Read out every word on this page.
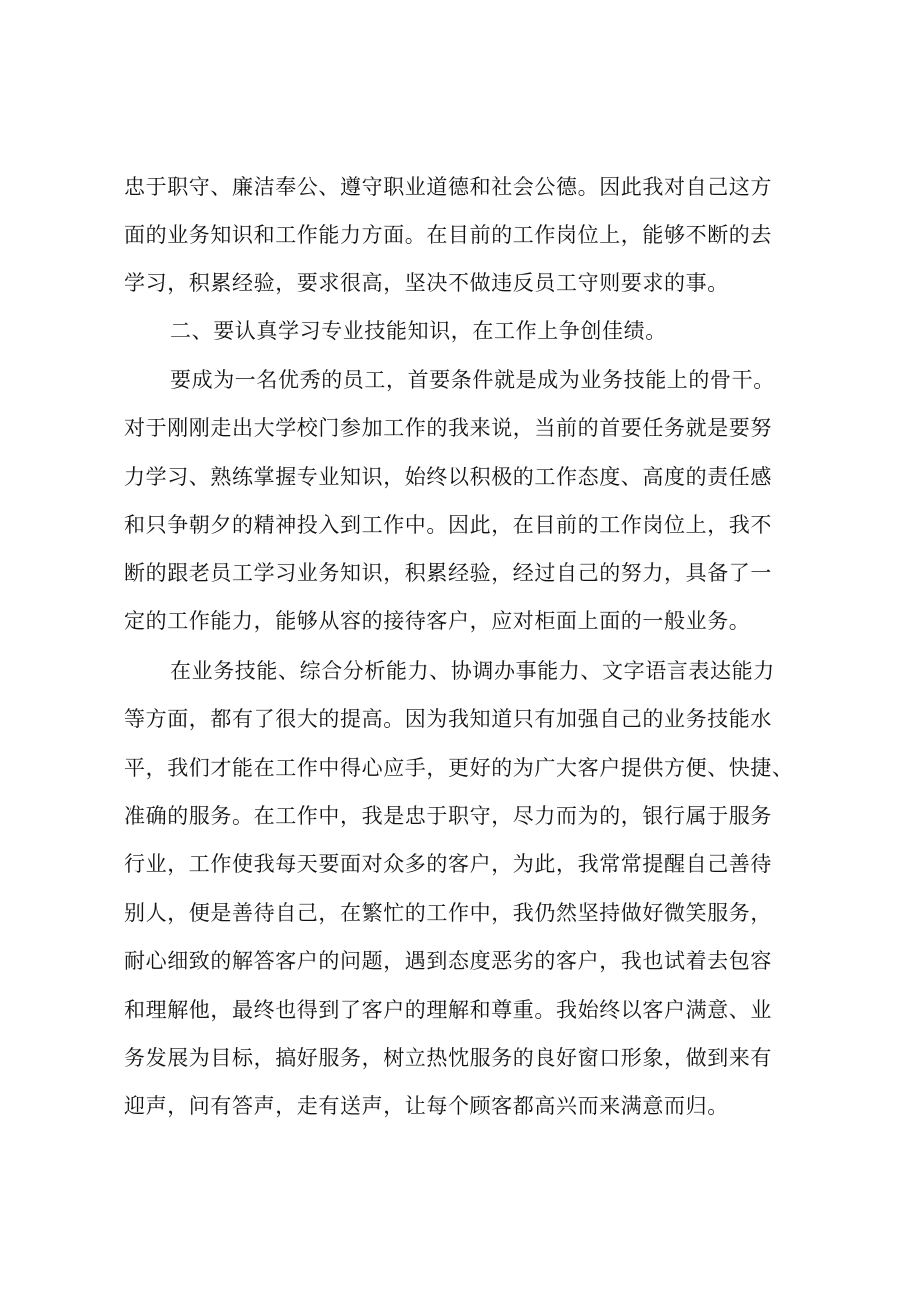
忠于职守、廉洁奉公、遵守职业道德和社会公德。因此我对自己这方
面的业务知识和工作能力方面。在目前的工作岗位上，能够不断的去
学习，积累经验，要求很高，坚决不做违反员工守则要求的事。
二、要认真学习专业技能知识，在工作上争创佳绩。
要成为一名优秀的员工，首要条件就是成为业务技能上的骨干。
对于刚刚走出大学校门参加工作的我来说，当前的首要任务就是要努
力学习、熟练掌握专业知识，始终以积极的工作态度、高度的责任感
和只争朝夕的精神投入到工作中。因此，在目前的工作岗位上，我不
断的跟老员工学习业务知识，积累经验，经过自己的努力，具备了一
定的工作能力，能够从容的接待客户，应对柜面上面的一般业务。
在业务技能、综合分析能力、协调办事能力、文字语言表达能力
等方面，都有了很大的提高。因为我知道只有加强自己的业务技能水
平，我们才能在工作中得心应手，更好的为广大客户提供方便、快捷、
准确的服务。在工作中，我是忠于职守，尽力而为的，银行属于服务
行业，工作使我每天要面对众多的客户，为此，我常常提醒自己善待
别人，便是善待自己，在繁忙的工作中，我仍然坚持做好微笑服务，
耐心细致的解答客户的问题，遇到态度恶劣的客户，我也试着去包容
和理解他，最终也得到了客户的理解和尊重。我始终以客户满意、业
务发展为目标，搞好服务，树立热忱服务的良好窗口形象，做到来有
迎声，问有答声，走有送声，让每个顾客都高兴而来满意而归。
